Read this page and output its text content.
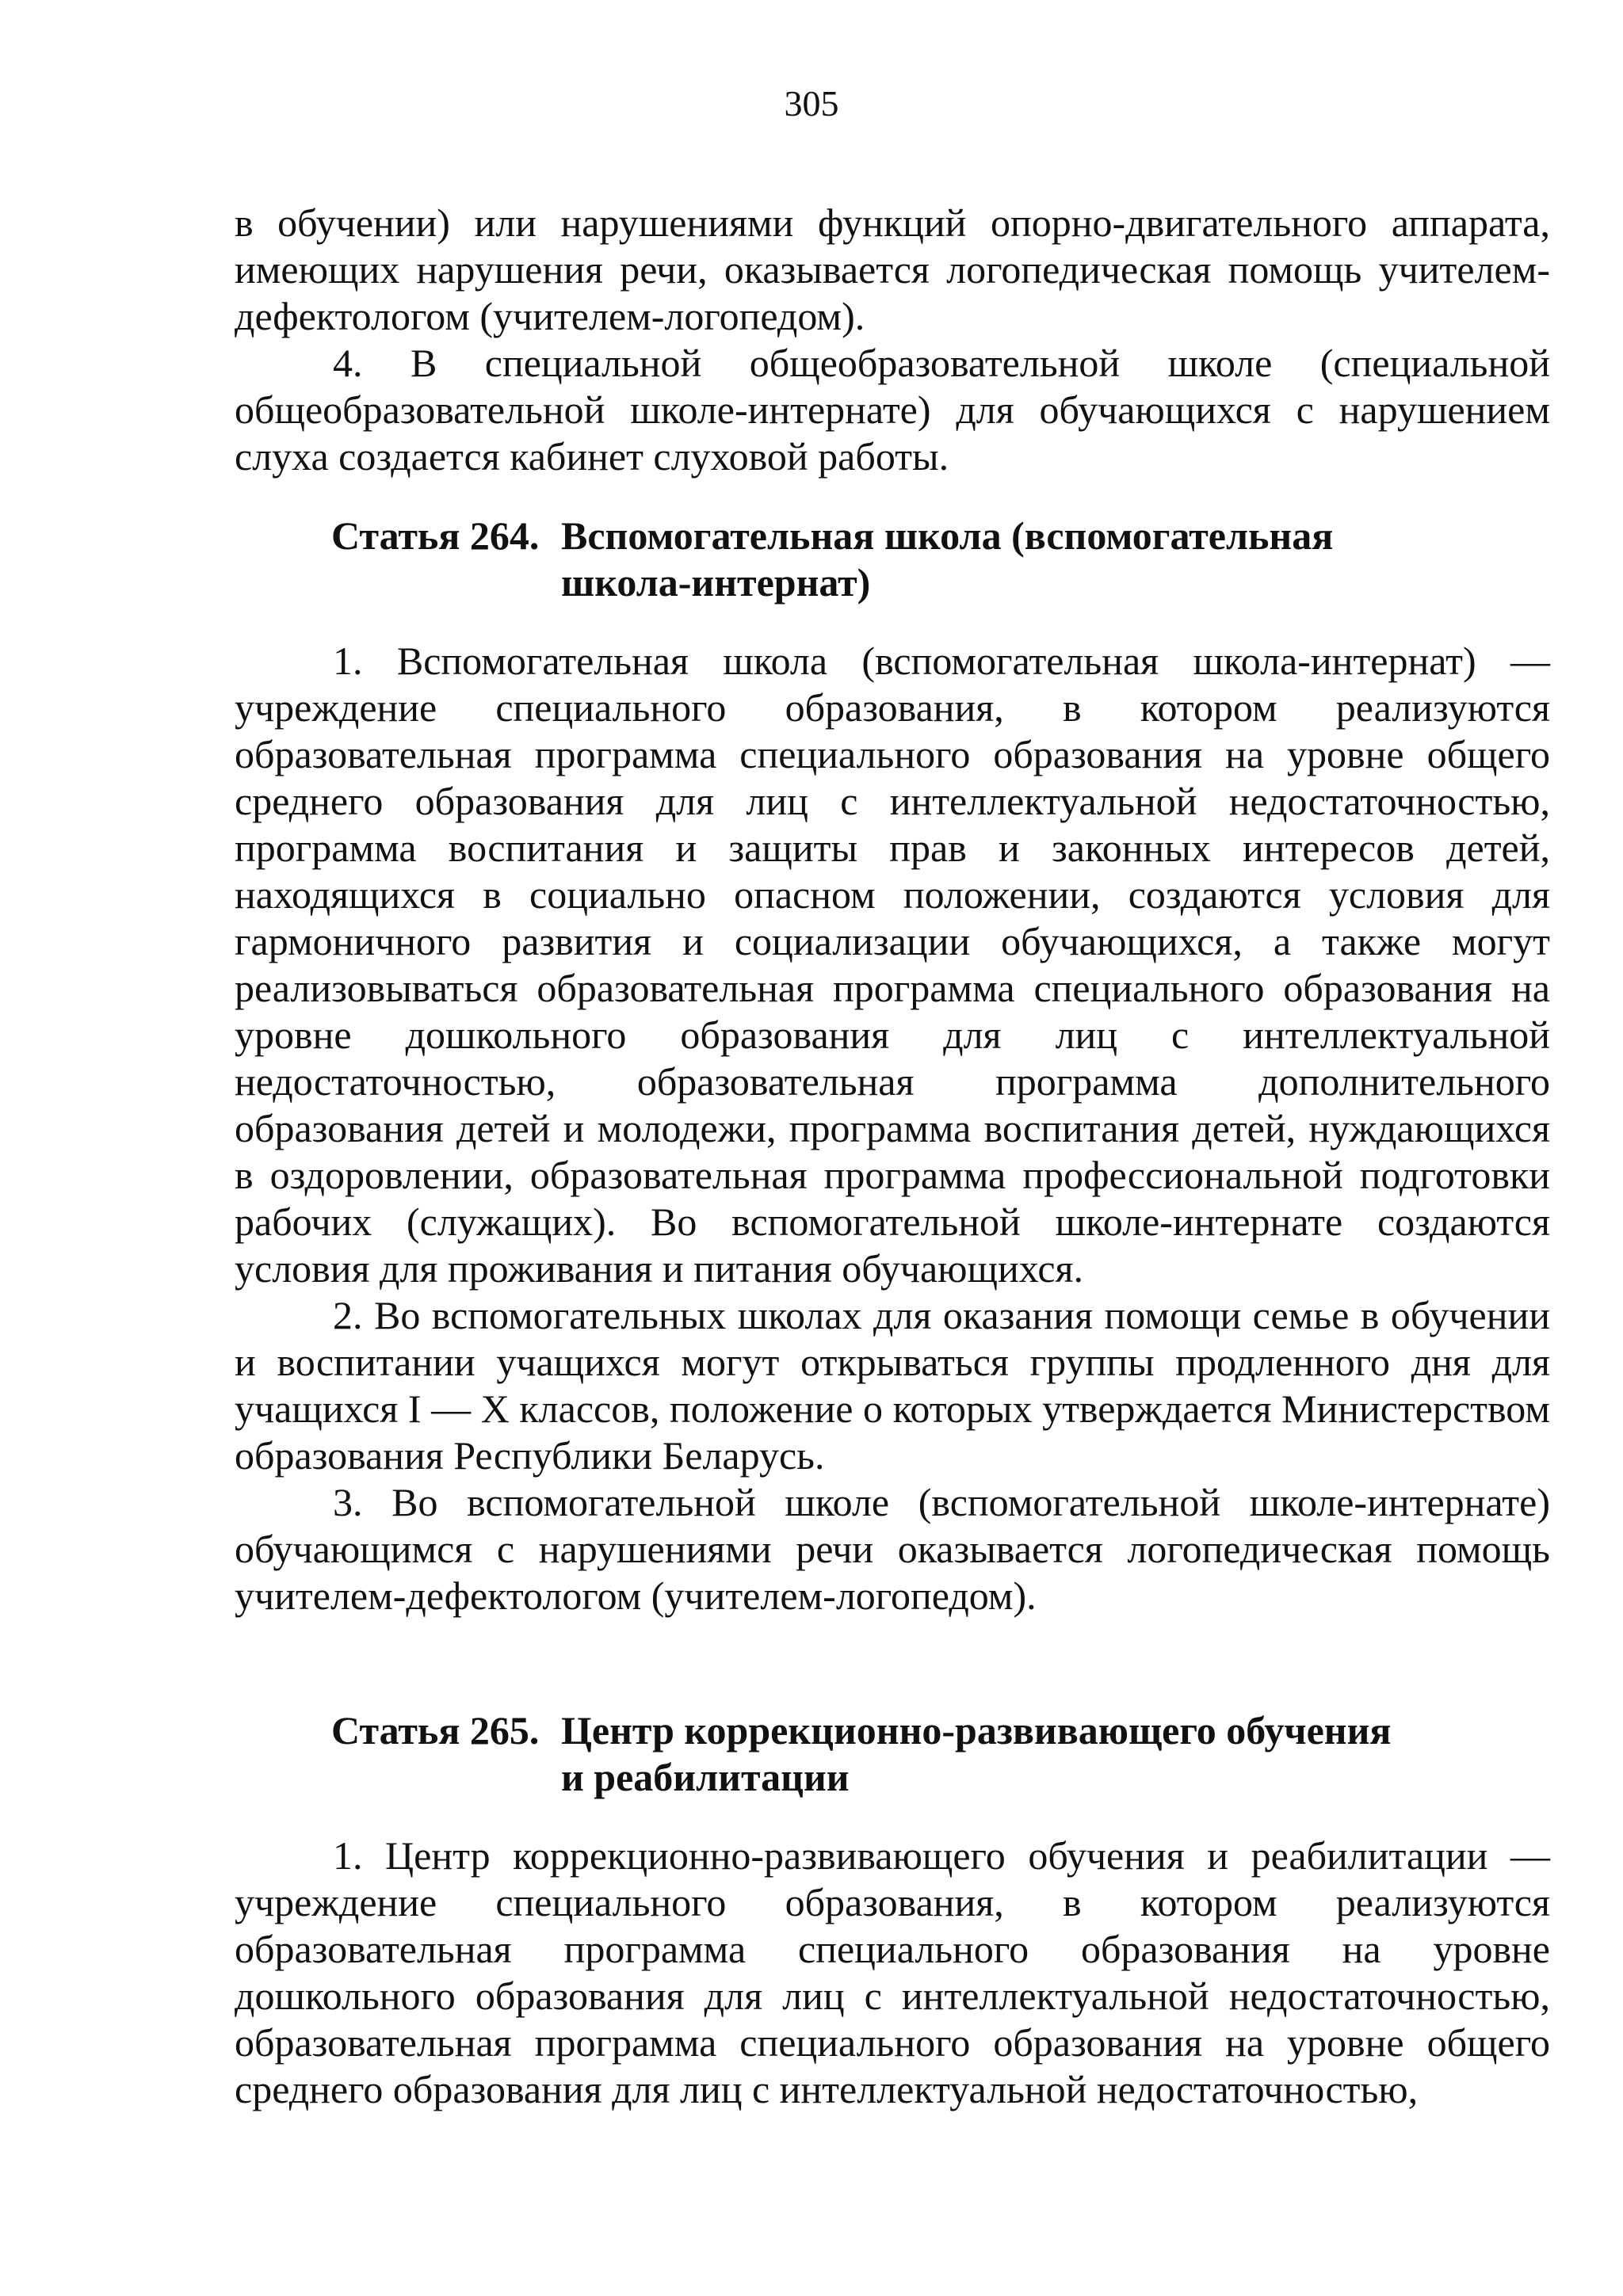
305

в обучении) или нарушениями функций опорно-двигательного аппарата, имеющих нарушения речи, оказывается логопедическая помощь учителем-дефектологом (учителем-логопедом).

4. В специальной общеобразовательной школе (специальной общеобразовательной школе-интернате) для обучающихся с нарушением слуха создается кабинет слуховой работы.

Статья 264. Вспомогательная школа (вспомогательная
школа-интернат)

1. Вспомогательная школа (вспомогательная школа-интернат) — учреждение специального образования, в котором реализуются образовательная программа специального образования на уровне общего среднего образования для лиц с интеллектуальной недостаточностью, программа воспитания и защиты прав и законных интересов детей, находящихся в социально опасном положении, создаются условия для гармоничного развития и социализации обучающихся, а также могут реализовываться образовательная программа специального образования на уровне дошкольного образования для лиц с интеллектуальной недостаточностью, образовательная программа дополнительного образования детей и молодежи, программа воспитания детей, нуждающихся в оздоровлении, образовательная программа профессиональной подготовки рабочих (служащих). Во вспомогательной школе-интернате создаются условия для проживания и питания обучающихся.

2. Во вспомогательных школах для оказания помощи семье в обучении и воспитании учащихся могут открываться группы продленного дня для учащихся I — X классов, положение о которых утверждается Министерством образования Республики Беларусь.

3. Во вспомогательной школе (вспомогательной школе-интернате) обучающимся с нарушениями речи оказывается логопедическая помощь учителем-дефектологом (учителем-логопедом).

Статья 265. Центр коррекционно-развивающего обучения
и реабилитации

1. Центр коррекционно-развивающего обучения и реабилитации — учреждение специального образования, в котором реализуются образовательная программа специального образования на уровне дошкольного образования для лиц с интеллектуальной недостаточностью, образовательная программа специального образования на уровне общего среднего образования для лиц с интеллектуальной недостаточностью,
